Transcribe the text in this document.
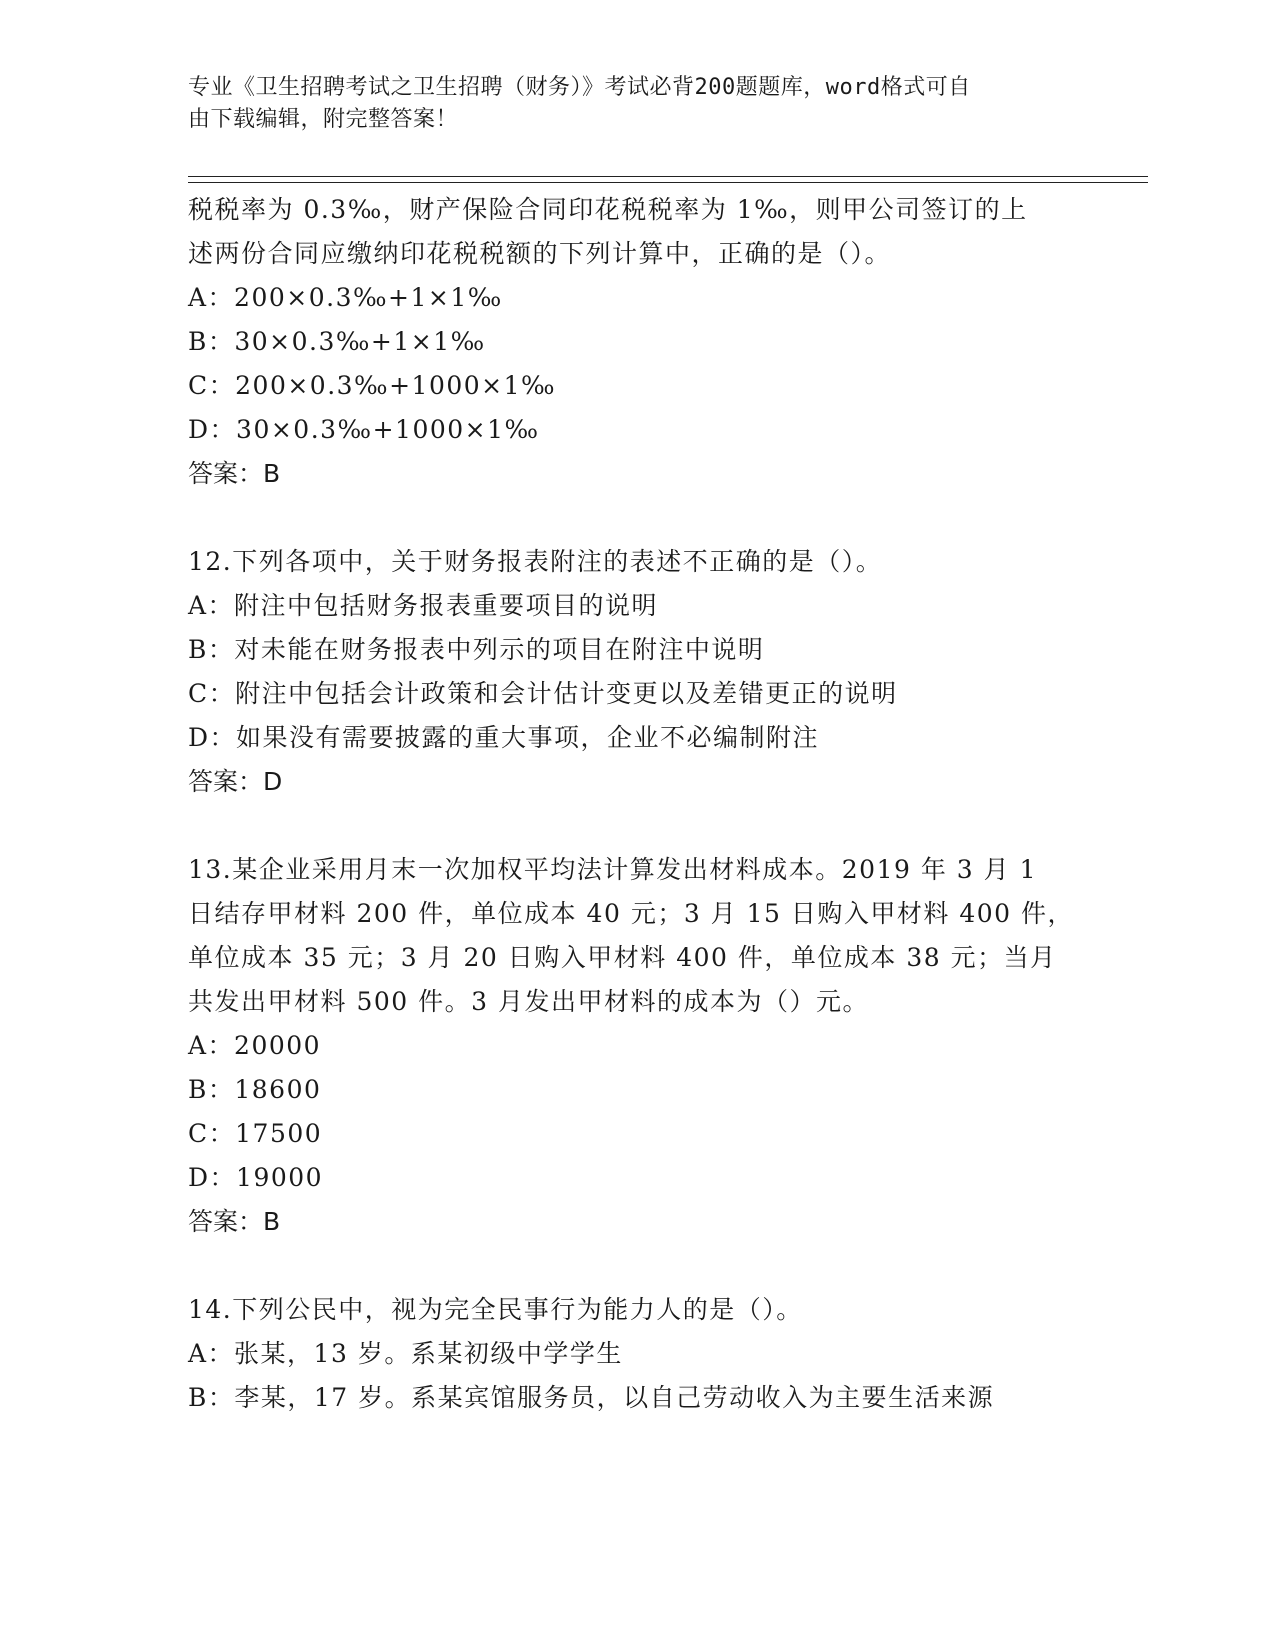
专业《卫生招聘考试之卫生招聘（财务）》考试必背200题题库，word格式可自
由下载编辑，附完整答案！
税税率为 0.3‰，财产保险合同印花税税率为 1‰，则甲公司签订的上
述两份合同应缴纳印花税税额的下列计算中，正确的是（）。
A：200×0.3‰+1×1‰
B：30×0.3‰+1×1‰
C：200×0.3‰+1000×1‰
D：30×0.3‰+1000×1‰
答案：B
12.下列各项中，关于财务报表附注的表述不正确的是（）。
A：附注中包括财务报表重要项目的说明
B：对未能在财务报表中列示的项目在附注中说明
C：附注中包括会计政策和会计估计变更以及差错更正的说明
D：如果没有需要披露的重大事项，企业不必编制附注
答案：D
13.某企业采用月末一次加权平均法计算发出材料成本。2019 年 3 月 1
日结存甲材料 200 件，单位成本 40 元；3 月 15 日购入甲材料 400 件，
单位成本 35 元；3 月 20 日购入甲材料 400 件，单位成本 38 元；当月
共发出甲材料 500 件。3 月发出甲材料的成本为（）元。
A：20000
B：18600
C：17500
D：19000
答案：B
14.下列公民中，视为完全民事行为能力人的是（）。
A：张某，13 岁。系某初级中学学生
B：李某，17 岁。系某宾馆服务员，以自己劳动收入为主要生活来源
